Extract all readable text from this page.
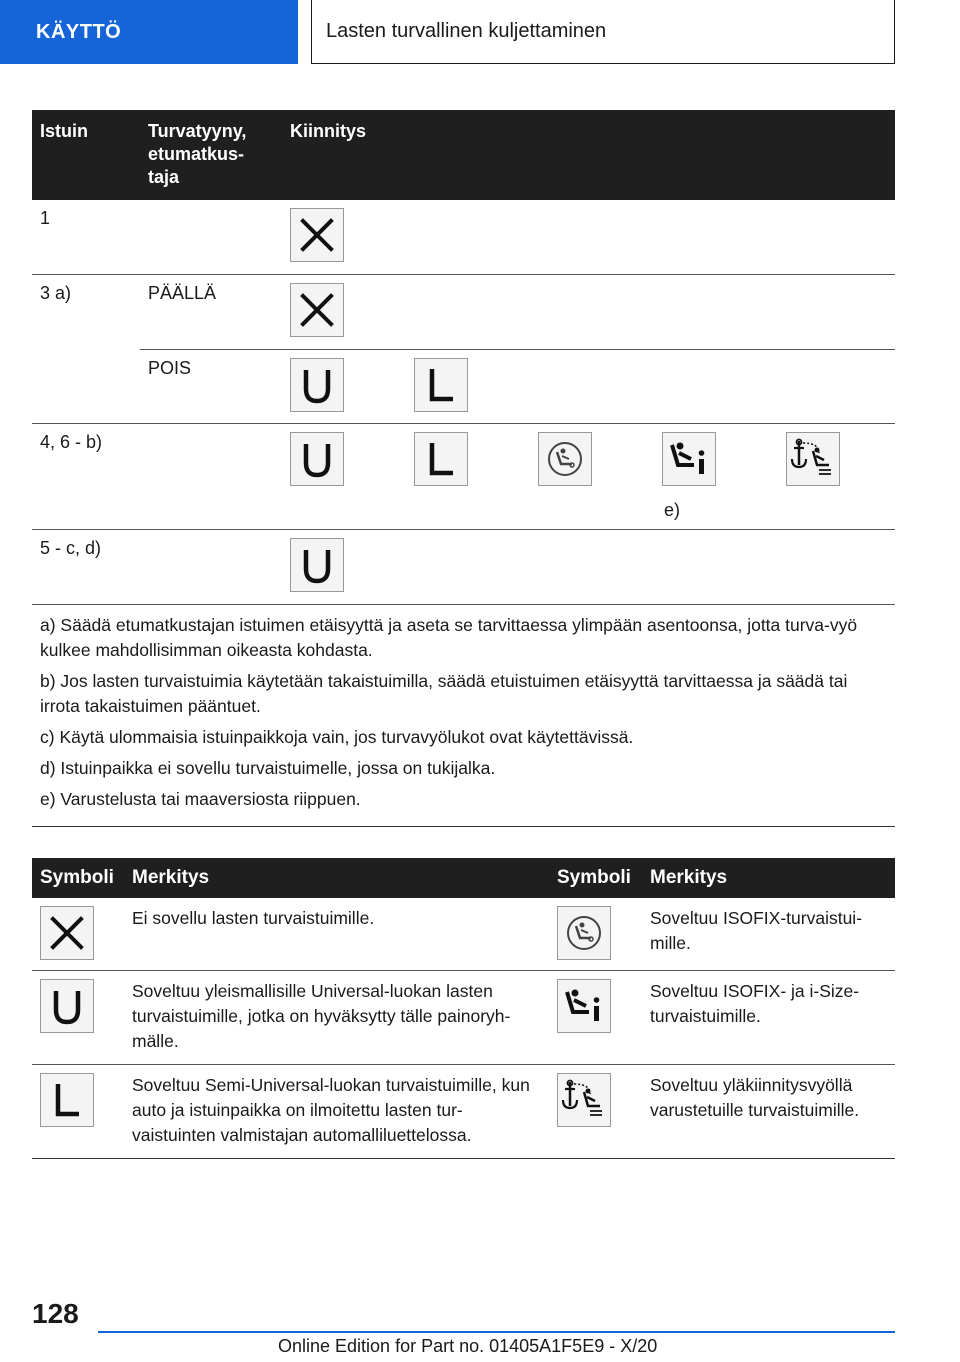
KÄYTTÖ	Lasten turvallinen kuljettaminen
Istuin	Turvatyyny, etumatkus-taja	Kiinnitys
1		

3 a)	PÄÄLLÄ	

	POIS	

4, 6 - b)		e)

5 - c, d)		

a) Säädä etumatkustajan istuimen etäisyyttä ja aseta se tarvittaessa ylimpään asentoonsa, jotta turva-vyö kulkee mahdollisimman oikeasta kohdasta.

b) Jos lasten turvaistuimia käytetään takaistuimilla, säädä etuistuimen etäisyyttä tarvittaessa ja säädä tai irrota takaistuimen pääntuet.

c) Käytä ulommaisia istuinpaikkoja vain, jos turvavyölukot ovat käytettävissä.

d) Istuinpaikka ei sovellu turvaistuimelle, jossa on tukijalka.

e) Varustelusta tai maaversiosta riippuen.		

Symboli	Merkitys	Symboli	Merkitys

	Ei sovellu lasten turvaistuimille.		Soveltuu ISOFIX-turvaistui-mille.

	Soveltuu yleismallisille Universal-luokan lasten turvaistuimille, jotka on hyväksytty tälle painoryh-mälle.		Soveltuu ISOFIX- ja i-Size-turvaistuimille.

	Soveltuu Semi-Universal-luokan turvaistuimille, kun auto ja istuinpaikka on ilmoitettu lasten tur-vaistuinten valmistajan automalliluettelossa.		Soveltuu yläkiinnitysvyöllä varustetuille turvaistuimille.
128
Online Edition for Part no. 01405A1F5E9 - X/20
